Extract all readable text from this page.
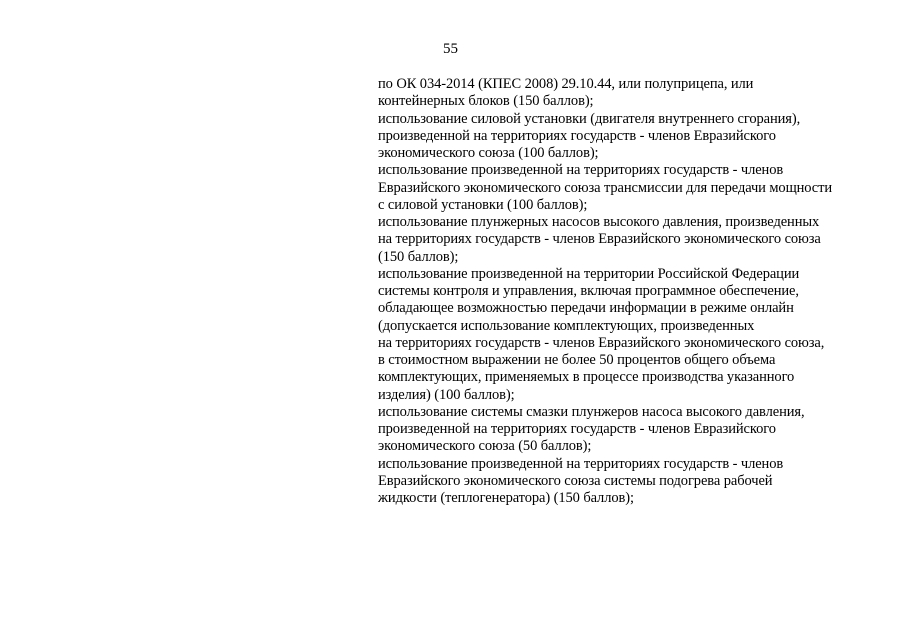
55
по ОК 034-2014 (КПЕС 2008) 29.10.44, или полуприцепа, или
контейнерных блоков (150 баллов);
использование силовой установки (двигателя внутреннего сгорания),
произведенной на территориях государств - членов Евразийского
экономического союза (100 баллов);
использование произведенной на территориях государств - членов
Евразийского экономического союза трансмиссии для передачи мощности
с силовой установки (100 баллов);
использование плунжерных насосов высокого давления, произведенных
на территориях государств - членов Евразийского экономического союза
(150 баллов);
использование произведенной на территории Российской Федерации
системы контроля и управления, включая программное обеспечение,
обладающее возможностью передачи информации в режиме онлайн
(допускается использование комплектующих, произведенных
на территориях государств - членов Евразийского экономического союза,
в стоимостном выражении не более 50 процентов общего объема
комплектующих, применяемых в процессе производства указанного
изделия) (100 баллов);
использование системы смазки плунжеров насоса высокого давления,
произведенной на территориях государств - членов Евразийского
экономического союза (50 баллов);
использование произведенной на территориях государств - членов
Евразийского экономического союза системы подогрева рабочей
жидкости (теплогенератора) (150 баллов);
